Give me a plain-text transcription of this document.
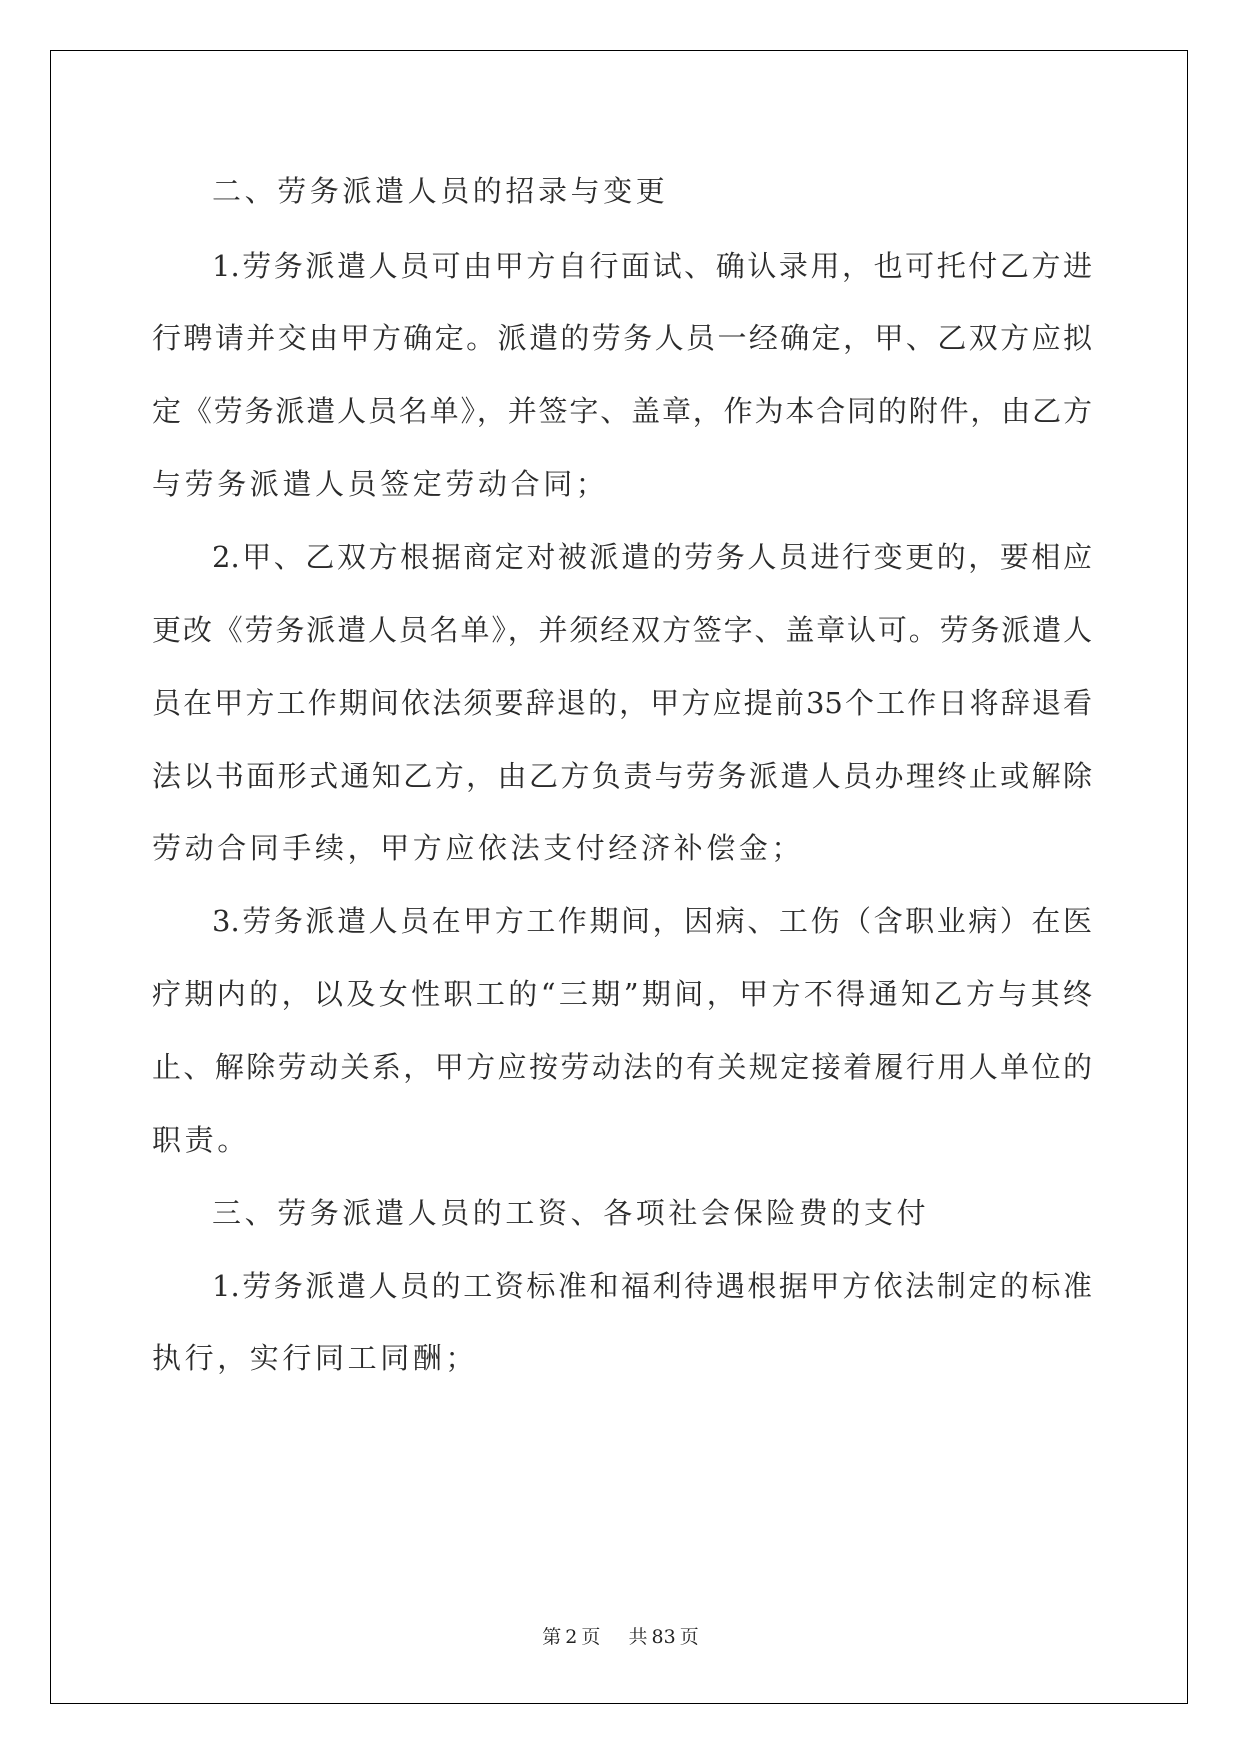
二、劳务派遣人员的招录与变更

1.劳务派遣人员可由甲方自行面试、确认录用，也可托付乙方进

行聘请并交由甲方确定。派遣的劳务人员一经确定，甲、乙双方应拟

定《劳务派遣人员名单》，并签字、盖章，作为本合同的附件，由乙方

与劳务派遣人员签定劳动合同；

2.甲、乙双方根据商定对被派遣的劳务人员进行变更的，要相应

更改《劳务派遣人员名单》，并须经双方签字、盖章认可。劳务派遣人

员在甲方工作期间依法须要辞退的，甲方应提前35个工作日将辞退看

法以书面形式通知乙方，由乙方负责与劳务派遣人员办理终止或解除

劳动合同手续，甲方应依法支付经济补偿金；

3.劳务派遣人员在甲方工作期间，因病、工伤（含职业病）在医

疗期内的，以及女性职工的“三期”期间，甲方不得通知乙方与其终

止、解除劳动关系，甲方应按劳动法的有关规定接着履行用人单位的

职责。

三、劳务派遣人员的工资、各项社会保险费的支付

1.劳务派遣人员的工资标准和福利待遇根据甲方依法制定的标准

执行，实行同工同酬；

第 2 页 共 83 页
